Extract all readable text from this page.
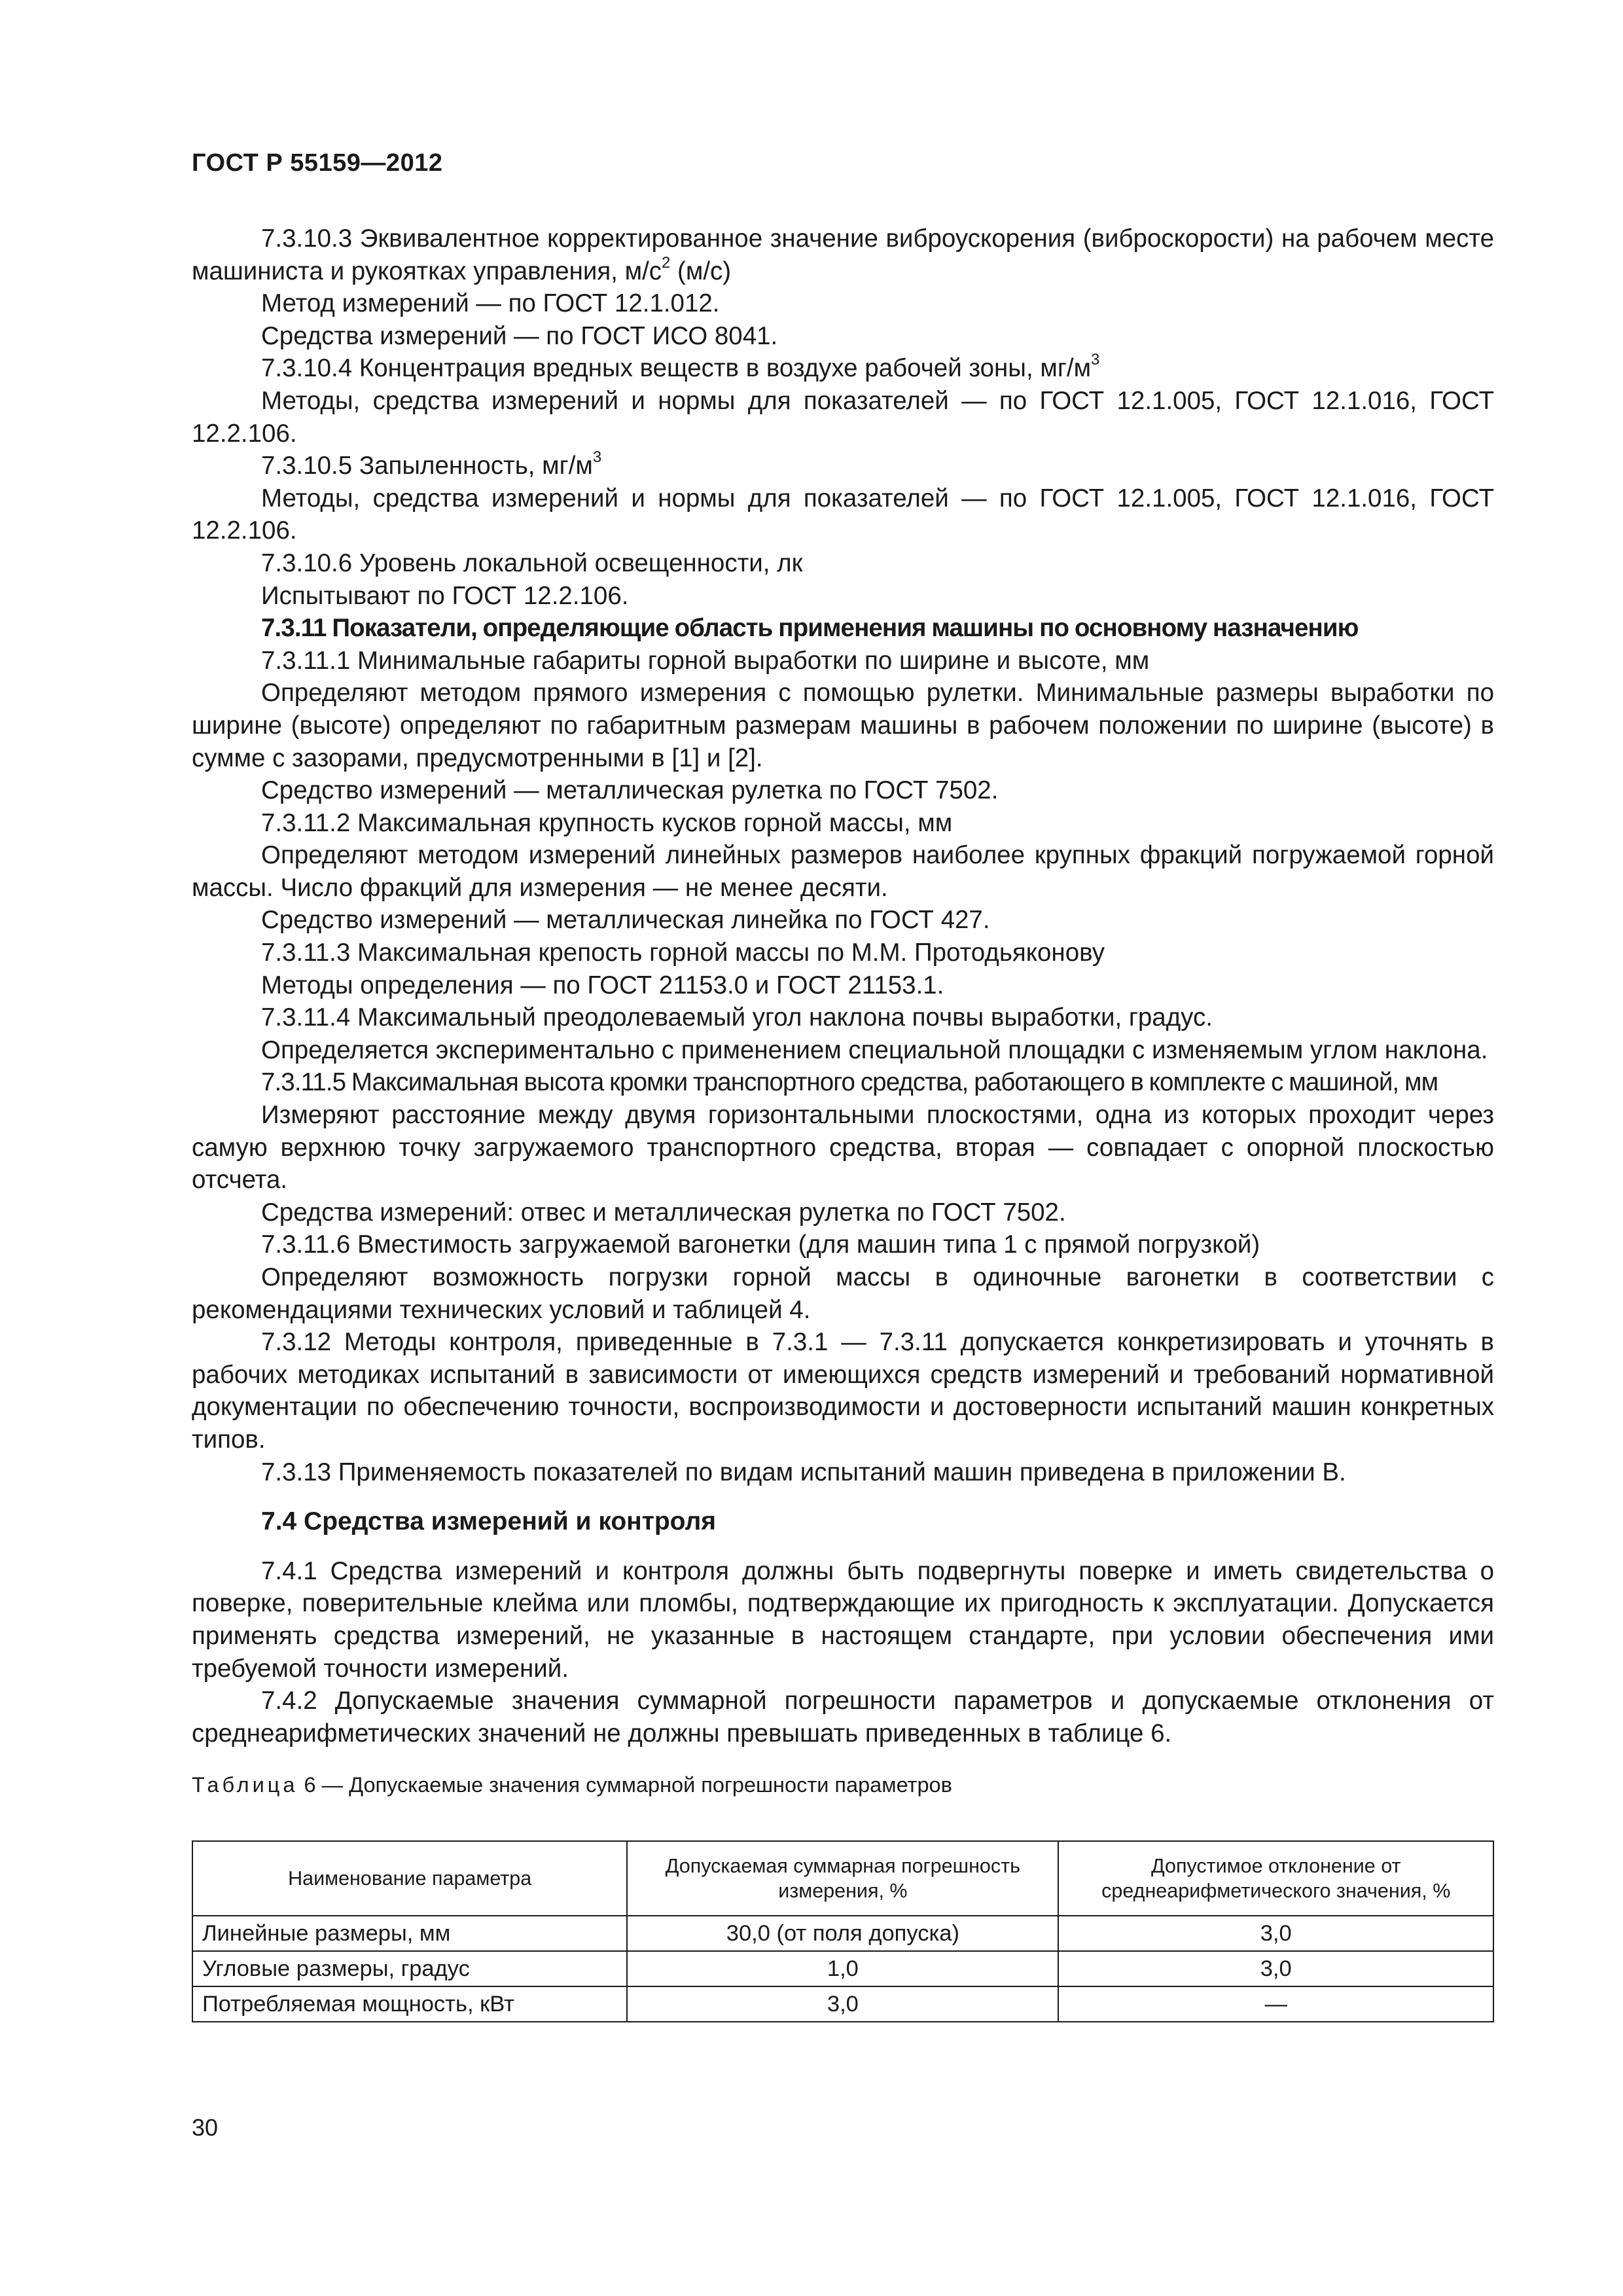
ГОСТ Р 55159—2012

7.3.10.3 Эквивалентное корректированное значение виброускорения (виброскорости) на рабочем месте машиниста и рукоятках управления, $м/с^2$ (м/с)

Метод измерений — по ГОСТ 12.1.012.

Средства измерений — по ГОСТ ИСО 8041.

7.3.10.4 Концентрация вредных веществ в воздухе рабочей зоны, $мг/м^3$

Методы, средства измерений и нормы для показателей — по ГОСТ 12.1.005, ГОСТ 12.1.016, ГОСТ 12.2.106.

7.3.10.5 Запыленность, $мг/м^3$

Методы, средства измерений и нормы для показателей — по ГОСТ 12.1.005, ГОСТ 12.1.016, ГОСТ 12.2.106.

7.3.10.6 Уровень локальной освещенности, лк

Испытывают по ГОСТ 12.2.106.

7.3.11 Показатели, определяющие область применения машины по основному назначению

7.3.11.1 Минимальные габариты горной выработки по ширине и высоте, мм

Определяют методом прямого измерения с помощью рулетки. Минимальные размеры выработки по ширине (высоте) определяют по габаритным размерам машины в рабочем положении по ширине (высоте) в сумме с зазорами, предусмотренными в [1] и [2].

Средство измерений — металлическая рулетка по ГОСТ 7502.

7.3.11.2 Максимальная крупность кусков горной массы, мм

Определяют методом измерений линейных размеров наиболее крупных фракций погружаемой горной массы. Число фракций для измерения — не менее десяти.

Средство измерений — металлическая линейка по ГОСТ 427.

7.3.11.3 Максимальная крепость горной массы по М.М. Протодьяконову

Методы определения — по ГОСТ 21153.0 и ГОСТ 21153.1.

7.3.11.4 Максимальный преодолеваемый угол наклона почвы выработки, градус.

Определяется экспериментально с применением специальной площадки с изменяемым углом наклона.

7.3.11.5 Максимальная высота кромки транспортного средства, работающего в комплекте с машиной, мм

Измеряют расстояние между двумя горизонтальными плоскостями, одна из которых проходит через самую верхнюю точку загружаемого транспортного средства, вторая — совпадает с опорной плоскостью отсчета.

Средства измерений: отвес и металлическая рулетка по ГОСТ 7502.

7.3.11.6 Вместимость загружаемой вагонетки (для машин типа 1 с прямой погрузкой)

Определяют возможность погрузки горной массы в одиночные вагонетки в соответствии с рекомендациями технических условий и таблицей 4.

7.3.12 Методы контроля, приведенные в 7.3.1 — 7.3.11 допускается конкретизировать и уточнять в рабочих методиках испытаний в зависимости от имеющихся средств измерений и требований нормативной документации по обеспечению точности, воспроизводимости и достоверности испытаний машин конкретных типов.

7.3.13 Применяемость показателей по видам испытаний машин приведена в приложении В.

7.4 Средства измерений и контроля

7.4.1 Средства измерений и контроля должны быть подвергнуты поверке и иметь свидетельства о поверке, поверительные клейма или пломбы, подтверждающие их пригодность к эксплуатации. Допускается применять средства измерений, не указанные в настоящем стандарте, при условии обеспечения ими требуемой точности измерений.

7.4.2 Допускаемые значения суммарной погрешности параметров и допускаемые отклонения от среднеарифметических значений не должны превышать приведенных в таблице 6.

Таблица 6 — Допускаемые значения суммарной погрешности параметров
Наименование параметра	Допускаемая суммарная погрешность измерения, %	Допустимое отклонение от среднеарифметического значения, %
Линейные размеры, мм	30,0 (от поля допуска)	3,0
Угловые размеры, градус	1,0	3,0
Потребляемая мощность, кВт	3,0	—
30
